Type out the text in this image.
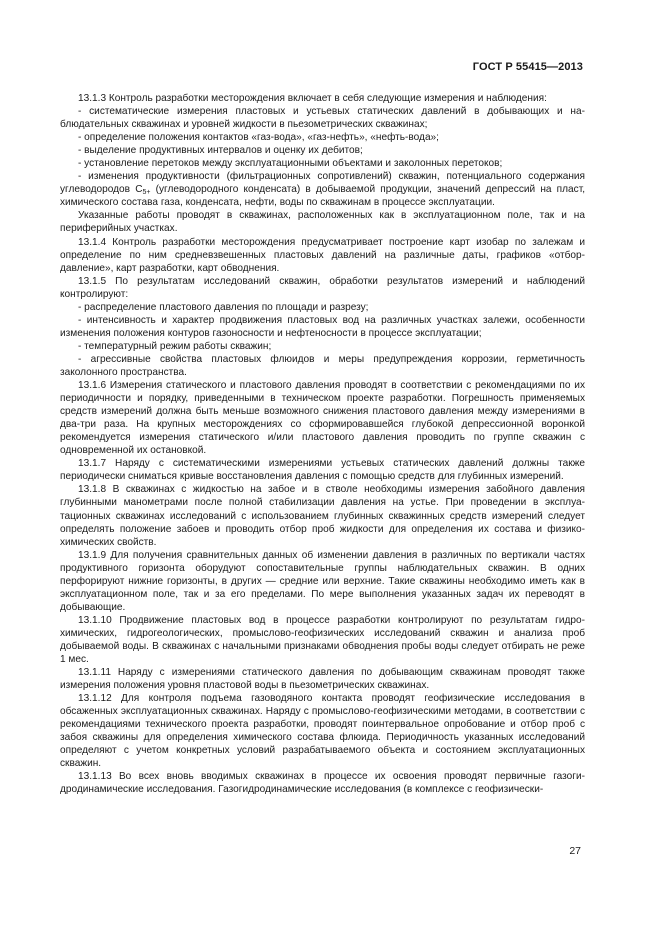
ГОСТ Р 55415—2013

13.1.3 Контроль разработки месторождения включает в себя следующие измерения и наблюдения:

- систематические измерения пластовых и устьевых статических давлений в добывающих и наблюдательных скважинах и уровней жидкости в пьезометрических скважинах;

- определение положения контактов «газ-вода», «газ-нефть», «нефть-вода»;

- выделение продуктивных интервалов и оценку их дебитов;

- установление перетоков между эксплуатационными объектами и заколонных перетоков;

- изменения продуктивности (фильтрационных сопротивлений) скважин, потенциального содержания углеводородов $С_{5+}$ (углеводородного конденсата) в добываемой продукции, значений депрессий на пласт, химического состава газа, конденсата, нефти, воды по скважинам в процессе эксплуатации.

Указанные работы проводят в скважинах, расположенных как в эксплуатационном поле, так и на периферийных участках.

13.1.4 Контроль разработки месторождения предусматривает построение карт изобар по залежам и определение по ним средневзвешенных пластовых давлений на различные даты, графиков «отбор-давление», карт разработки, карт обводнения.

13.1.5 По результатам исследований скважин, обработки результатов измерений и наблюдений контролируют:

- распределение пластового давления по площади и разрезу;

- интенсивность и характер продвижения пластовых вод на различных участках залежи, особенности изменения положения контуров газоносности и нефтеносности в процессе эксплуатации;

- температурный режим работы скважин;

- агрессивные свойства пластовых флюидов и меры предупреждения коррозии, герметичность заколонного пространства.

13.1.6 Измерения статического и пластового давления проводят в соответствии с рекомендациями по их периодичности и порядку, приведенными в техническом проекте разработки. Погрешность применяемых средств измерений должна быть меньше возможного снижения пластового давления между измерениями в два-три раза. На крупных месторождениях со сформировавшейся глубокой депрессионной воронкой рекомендуется измерения статического и/или пластового давления проводить по группе скважин с одновременной их остановкой.

13.1.7 Наряду с систематическими измерениями устьевых статических давлений должны также периодически сниматься кривые восстановления давления с помощью средств для глубинных измерений.

13.1.8 В скважинах с жидкостью на забое и в стволе необходимы измерения забойного давления глубинными манометрами после полной стабилизации давления на устье. При проведении в эксплуатационных скважинах исследований с использованием глубинных скважинных средств измерений следует определять положение забоев и проводить отбор проб жидкости для определения их состава и физико-химических свойств.

13.1.9 Для получения сравнительных данных об изменении давления в различных по вертикали частях продуктивного горизонта оборудуют сопоставительные группы наблюдательных скважин. В одних перфорируют нижние горизонты, в других — средние или верхние. Такие скважины необходимо иметь как в эксплуатационном поле, так и за его пределами. По мере выполнения указанных задач их переводят в добывающие.

13.1.10 Продвижение пластовых вод в процессе разработки контролируют по результатам гидрохимических, гидрогеологических, промыслово-геофизических исследований скважин и анализа проб добываемой воды. В скважинах с начальными признаками обводнения пробы воды следует отбирать не реже 1 мес.

13.1.11 Наряду с измерениями статического давления по добывающим скважинам проводят также измерения положения уровня пластовой воды в пьезометрических скважинах.

13.1.12 Для контроля подъема газоводяного контакта проводят геофизические исследования в обсаженных эксплуатационных скважинах. Наряду с промыслово-геофизическими методами, в соответствии с рекомендациями технического проекта разработки, проводят поинтервальное опробование и отбор проб с забоя скважины для определения химического состава флюида. Периодичность указанных исследований определяют с учетом конкретных условий разрабатываемого объекта и состоянием эксплуатационных скважин.

13.1.13 Во всех вновь вводимых скважинах в процессе их освоения проводят первичные газогидродинамические исследования. Газогидродинамические исследования (в комплексе с геофизически-

27
